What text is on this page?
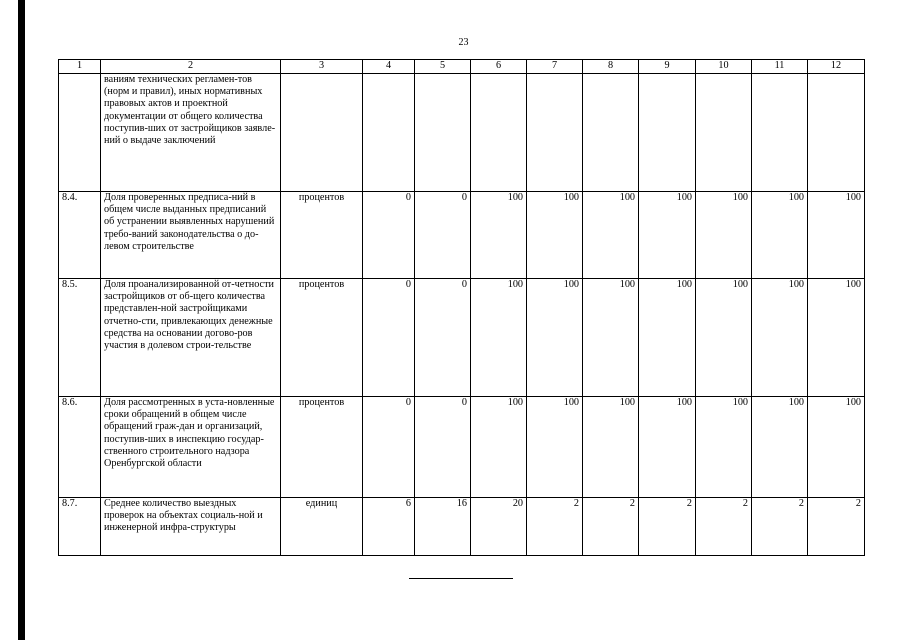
23
1	2	3	4	5	6	7	8	9	10	11	12
	ваниям технических регламен-тов (норм и правил), иных нормативных правовых актов и проектной документации от общего количества поступив-ших от застройщиков заявле-ний о выдаче заключений										
8.4.	Доля проверенных предписа-ний в общем числе выданных предписаний об устранении выявленных нарушений требо-ваний законодательства о до-левом строительстве	процентов	0	0	100	100	100	100	100	100	100
8.5.	Доля проанализированной от-четности застройщиков от об-щего количества представлен-ной застройщиками отчетно-сти, привлекающих денежные средства на основании догово-ров участия в долевом строи-тельстве	процентов	0	0	100	100	100	100	100	100	100
8.6.	Доля рассмотренных в уста-новленные сроки обращений в общем числе обращений граж-дан и организаций, поступив-ших в инспекцию государ-ственного строительного надзора Оренбургской области	процентов	0	0	100	100	100	100	100	100	100
8.7.	Среднее количество выездных проверок на объектах социаль-ной и инженерной инфра-структуры	единиц	6	16	20	2	2	2	2	2	2
